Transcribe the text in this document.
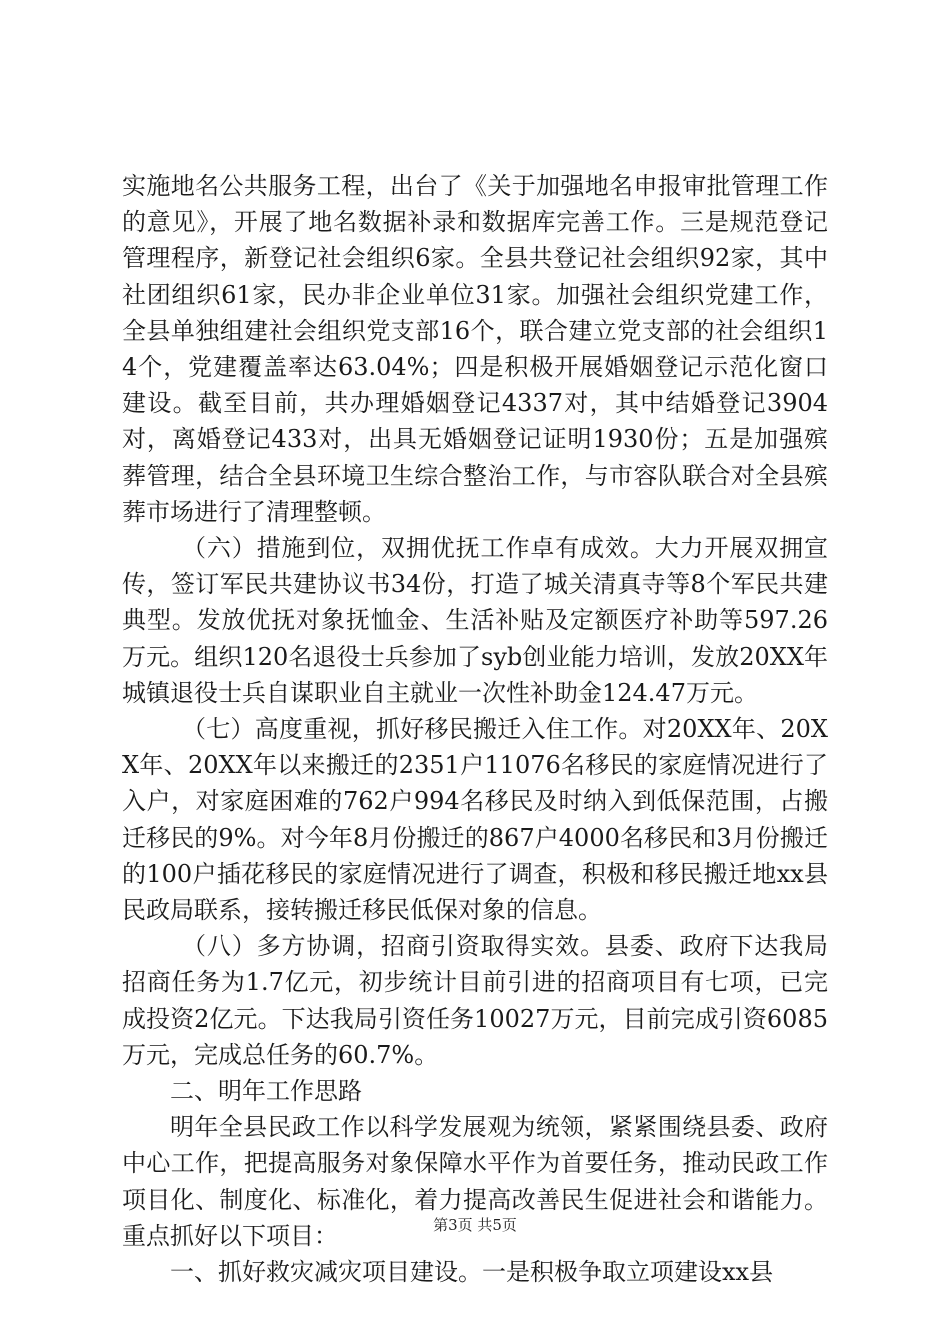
实施地名公共服务工程，出台了《关于加强地名申报审批管理工作的意见》，开展了地名数据补录和数据库完善工作。三是规范登记管理程序，新登记社会组织6家。全县共登记社会组织92家，其中社团组织61家，民办非企业单位31家。加强社会组织党建工作，全县单独组建社会组织党支部16个，联合建立党支部的社会组织14个，党建覆盖率达63.04%；四是积极开展婚姻登记示范化窗口建设。截至目前，共办理婚姻登记4337对，其中结婚登记3904对，离婚登记433对，出具无婚姻登记证明1930份；五是加强殡葬管理，结合全县环境卫生综合整治工作，与市容队联合对全县殡葬市场进行了清理整顿。

（六）措施到位，双拥优抚工作卓有成效。大力开展双拥宣传，签订军民共建协议书34份，打造了城关清真寺等8个军民共建典型。发放优抚对象抚恤金、生活补贴及定额医疗补助等597.26万元。组织120名退役士兵参加了syb创业能力培训，发放20XX年城镇退役士兵自谋职业自主就业一次性补助金124.47万元。

（七）高度重视，抓好移民搬迁入住工作。对20XX年、20XX年、20XX年以来搬迁的2351户11076名移民的家庭情况进行了入户，对家庭困难的762户994名移民及时纳入到低保范围，占搬迁移民的9%。对今年8月份搬迁的867户4000名移民和3月份搬迁的100户插花移民的家庭情况进行了调查，积极和移民搬迁地xx县民政局联系，接转搬迁移民低保对象的信息。

（八）多方协调，招商引资取得实效。县委、政府下达我局招商任务为1.7亿元，初步统计目前引进的招商项目有七项，已完成投资2亿元。下达我局引资任务10027万元，目前完成引资6085万元，完成总任务的60.7%。

二、明年工作思路

明年全县民政工作以科学发展观为统领，紧紧围绕县委、政府中心工作，把提高服务对象保障水平作为首要任务，推动民政工作项目化、制度化、标准化，着力提高改善民生促进社会和谐能力。重点抓好以下项目：

一、抓好救灾减灾项目建设。一是积极争取立项建设xx县

第3页 共5页
